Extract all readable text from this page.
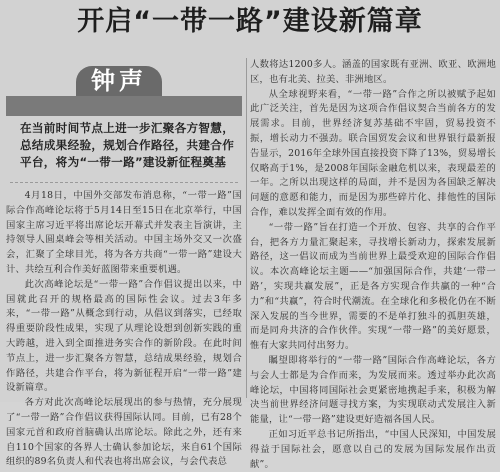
开启“一带一路”建设新篇章
钟声
在当前时间节点上进一步汇聚各方智慧，总结成果经验，规划合作路径，共建合作平台，将为“一带一路”建设新征程奠基

4月18日，中国外交部发布消息称，“一带一路”国际合作高峰论坛将于5月14日至15日在北京举行，中国国家主席习近平将出席论坛开幕式并发表主旨演讲，主持领导人圆桌峰会等相关活动。中国主场外交又一次盛会，汇聚了全球目光，将为各方共商“一带一路”建设大计、共绘互利合作美好蓝图带来重要机遇。

此次高峰论坛是“一带一路”合作倡议提出以来，中国就此召开的规格最高的国际性会议。过去3年多来，“一带一路”从概念到行动，从倡议到落实，已经取得重要阶段性成果，实现了从理论设想到创新实践的重大跨越，进入到全面推进务实合作的新阶段。在此时间节点上，进一步汇聚各方智慧，总结成果经验，规划合作路径，共建合作平台，将为新征程开启“一带一路”建设新篇章。

各方对此次高峰论坛展现出的参与热情，充分展现了“一带一路”合作倡议获得国际认同。目前，已有28个国家元首和政府首脑确认出席论坛。除此之外，还有来自110个国家的各界人士确认参加论坛，来自61个国际组织的89名负责人和代表也将出席会议，与会代表总

人数将达1200多人。涵盖的国家既有亚洲、欧亚、欧洲地区，也有北美、拉美、非洲地区。

从全球视野来看，“一带一路”合作之所以被赋予起如此广泛关注，首先是因为这项合作倡议契合当前各方的发展需求。目前，世界经济复苏基础不牢固，贸易投资不振，增长动力不强劲。联合国贸发会议和世界银行最新报告显示，2016年全球外国直接投资下降了13%，贸易增长仅略高于1%，是2008年国际金融危机以来，表现最差的一年。之所以出现这样的局面，并不是因为各国缺乏解决问题的意愿和能力，而是因为那些碎片化、排他性的国际合作，难以发挥全面有效的作用。

“一带一路”旨在打造一个开放、包容、共享的合作平台，把各方力量汇聚起来，寻找增长新动力，探索发展新路径，这一倡议而成为当前世界上最受欢迎的国际合作倡议。本次高峰论坛主题——“加强国际合作，共建‘一带一路’，实现共赢发展”，正是各方实现合作共赢的一种“合力”和“共赢”，符合时代潮流。在全球化和多极化仍在不断深入发展的当今世界，需要的不是单打独斗的孤胆英雄，而是同舟共济的合作伙伴。实现“一带一路”的美好愿景，惟有大家共同付出努力。

瞩望即将举行的“一带一路”国际合作高峰论坛，各方与会人士都是为合作而来，为发展而来。透过举办此次高峰论坛，中国将同国际社会更紧密地携起手来，积极为解决当前世界经济问题寻找方案，为实现联动式发展注入新能量，让“一带一路”建设更好造福各国人民。

正如习近平总书记所指出，“中国人民深知，中国发展得益于国际社会，愿意以自己的发展为国际发展作出贡献”。
